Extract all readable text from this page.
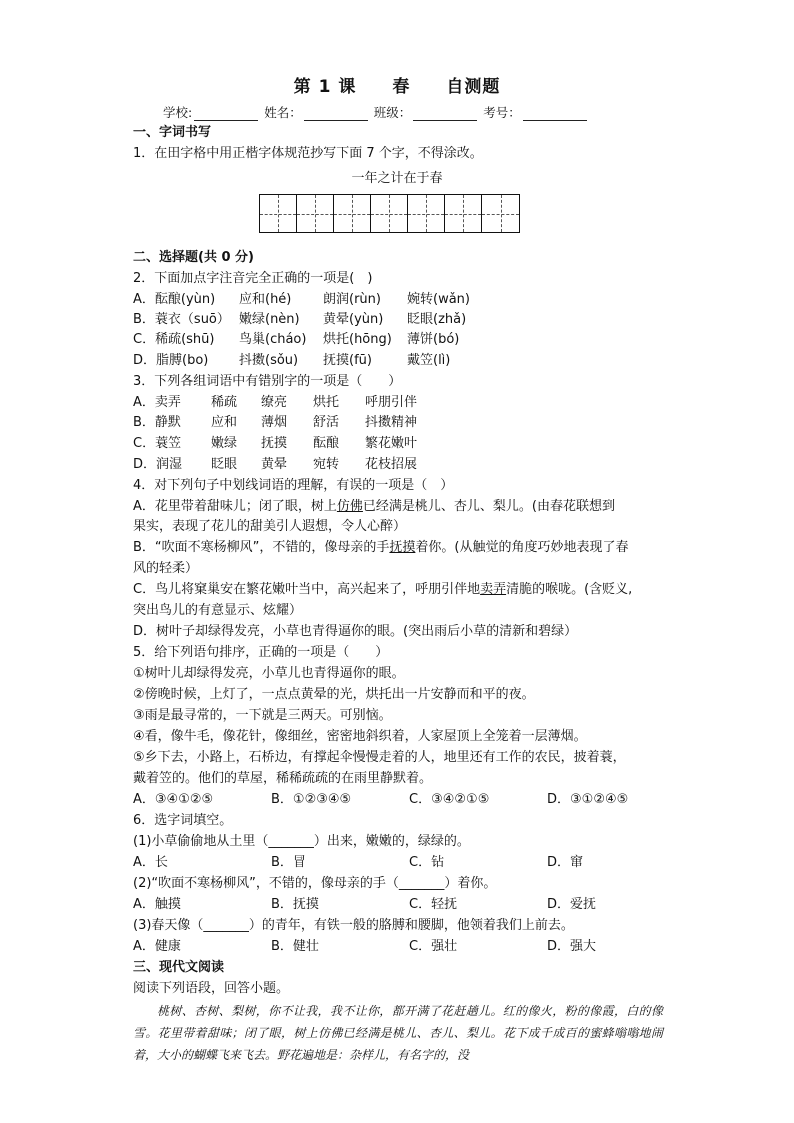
第 1 课　　春　　自测题
学校:	姓名：	班级：	考号：
一、字词书写
1．在田字格中用正楷字体规范抄写下面 7 个字，不得涂改。
一年之计在于春
二、选择题(共 0 分)
2．下面加点字注音完全正确的一项是(　)
A．酝酿(yùn) 应和(hé) 朗润(rùn) 婉转(wǎn)
B．蓑衣（suō） 嫩绿(nèn) 黄晕(yùn) 眨眼(zhǎ)
C．稀疏(shū) 鸟巢(cháo) 烘托(hōng) 薄饼(bó)
D．脂膊(bo) 抖擞(sǒu) 抚摸(fū)	戴笠(lì)
3．下列各组词语中有错别字的一项是（　　）
A．卖弄 稀疏 缭亮 烘托 呼朋引伴
B．静默 应和 薄烟 舒活 抖擞精神
C．蓑笠 嫩绿 抚摸 酝酿 繁花嫩叶
D．润湿 眨眼 黄晕 宛转 花枝招展
4．对下列句子中划线词语的理解，有误的一项是（　）
A．花里带着甜味儿；闭了眼，树上仿佛已经满是桃儿、杏儿、梨儿。(由春花联想到
果实，表现了花儿的甜美引人遐想，令人心醉）
B．“吹面不寒杨柳风”，不错的，像母亲的手抚摸着你。(从触觉的角度巧妙地表现了春
风的轻柔）
C．鸟儿将窠巢安在繁花嫩叶当中，高兴起来了，呼朋引伴地卖弄清脆的喉咙。(含贬义,
突出鸟儿的有意显示、炫耀）
D．树叶子却绿得发亮，小草也青得逼你的眼。(突出雨后小草的清新和碧绿）
5．给下列语句排序，正确的一项是（　　）
①树叶儿却绿得发亮，小草儿也青得逼你的眼。
②傍晚时候，上灯了，一点点黄晕的光，烘托出一片安静而和平的夜。
③雨是最寻常的，一下就是三两天。可别恼。
④看，像牛毛，像花针，像细丝，密密地斜织着，人家屋顶上全笼着一层薄烟。
⑤乡下去，小路上，石桥边，有撑起伞慢慢走着的人，地里还有工作的农民，披着蓑，
戴着笠的。他们的草屋，稀稀疏疏的在雨里静默着。
A．③④①②⑤	B．①②③④⑤	C．③④②①⑤	D．③①②④⑤
6．选字词填空。
(1)小草偷偷地从土里（_______）出来，嫩嫩的，绿绿的。
A．长	B．冒	C．钻	D．窜
(2)“吹面不寒杨柳风”，不错的，像母亲的手（_______）着你。
A．触摸	B．抚摸	C．轻抚	D．爱抚
(3)春天像（_______）的青年，有铁一般的胳膊和腰脚，他领着我们上前去。
A．健康	B．健壮	C．强壮	D．强大
三、现代文阅读
阅读下列语段，回答小题。
桃树、杏树、梨树，你不让我，我不让你，都开满了花赶趟儿。红的像火，粉的像霞，白的像雪。花里带着甜味；闭了眼，树上仿佛已经满是桃儿、杏儿、梨儿。花下成千成百的蜜蜂嗡嗡地闹着，大小的蝴蝶飞来飞去。野花遍地是：杂样儿，有名字的，没
